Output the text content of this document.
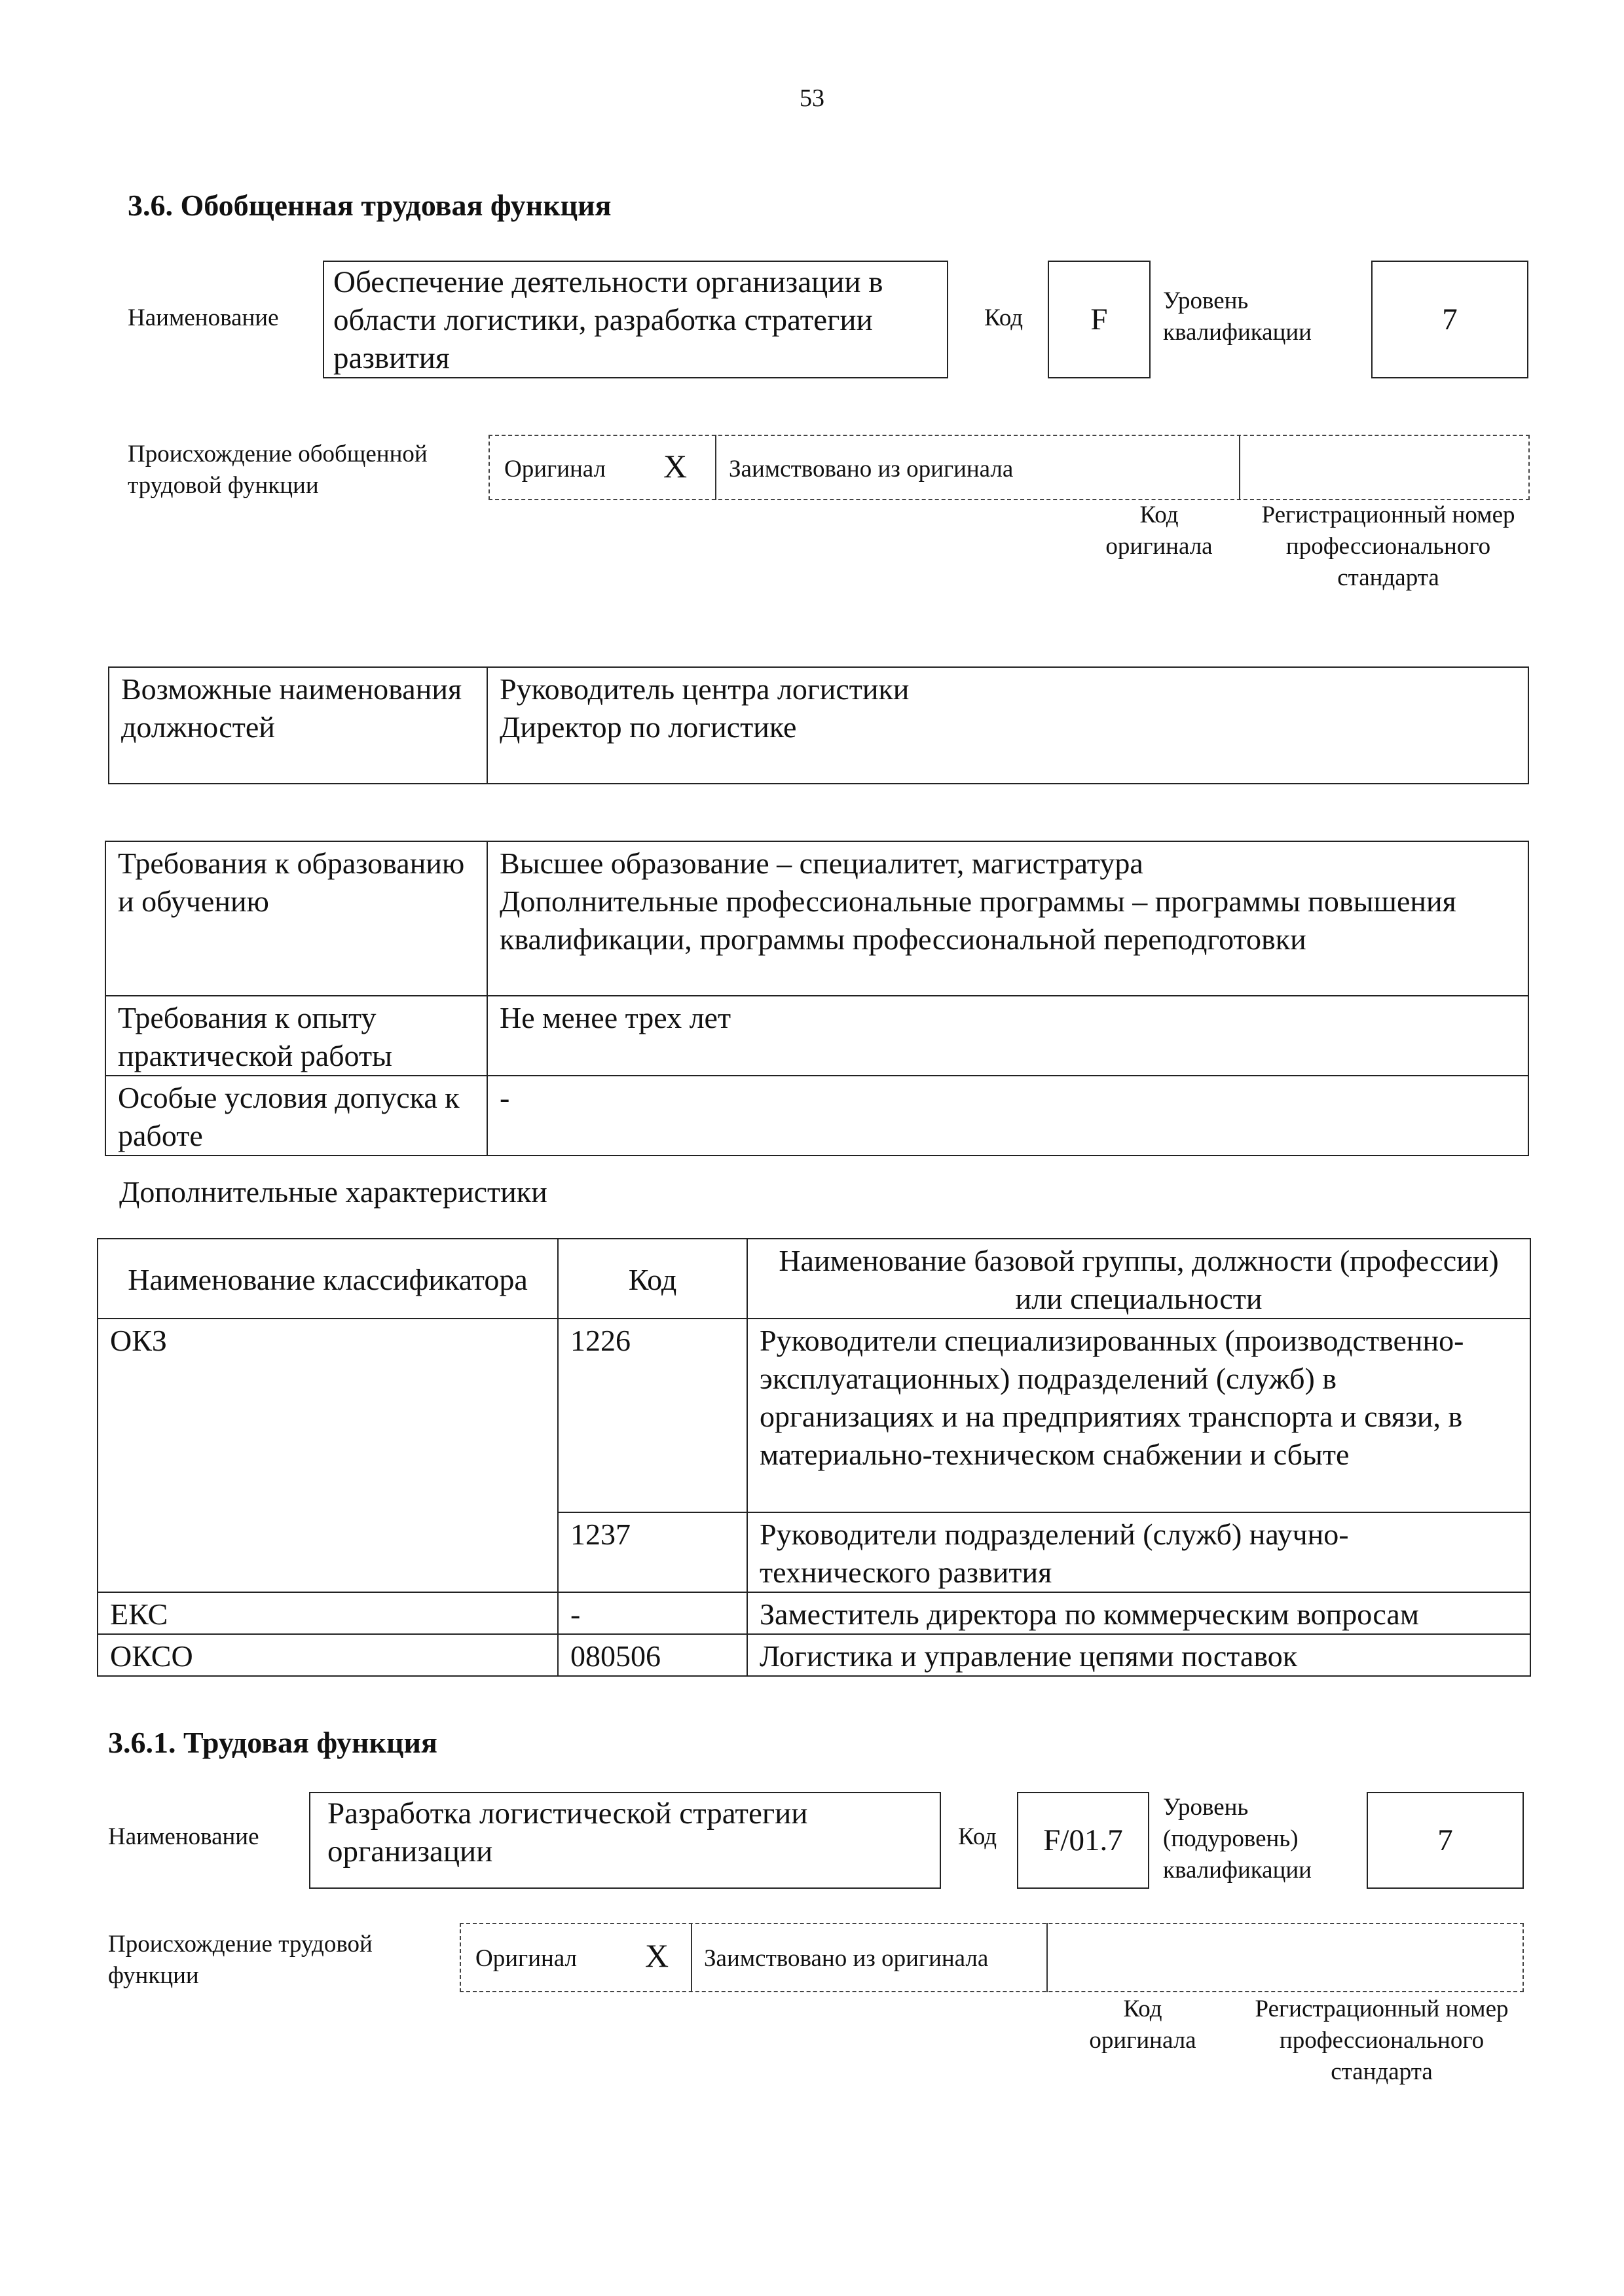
53
3.6. Обобщенная трудовая функция
Наименование
Обеспечение деятельности организации в области логистики, разработка стратегии развития
Код F
Уровень квалификации	7
Происхождение обобщенной трудовой функции
Оригинал X Заимствовано из оригинала
Код оригинала
Регистрационный номер профессионального стандарта
Возможные наименования должностей	Руководитель центра логистики
Директор по логистике
Требования к образованию и обучению	Высшее образование – специалитет, магистратура
Дополнительные профессиональные программы – программы повышения квалификации, программы профессиональной переподготовки
Требования к опыту практической работы	Не менее трех лет
Особые условия допуска к работе	-
Дополнительные характеристики
Наименование классификатора	Код	Наименование базовой группы, должности (профессии) или специальности
ОКЗ	1226	Руководители специализированных (производственно-эксплуатационных) подразделений (служб) в организациях и на предприятиях транспорта и связи, в материально-техническом снабжении и сбыте
	1237	Руководители подразделений (служб) научно-технического развития
ЕКС	-	Заместитель директора по коммерческим вопросам
ОКСО	080506	Логистика и управление цепями поставок
3.6.1. Трудовая функция
Наименование
Разработка логистической стратегии организации	Код F/01.7
Уровень (подуровень) квалификации
7
Происхождение трудовой функции
Оригинал X Заимствовано из оригинала
Код оригинала
Регистрационный номер профессионального стандарта
